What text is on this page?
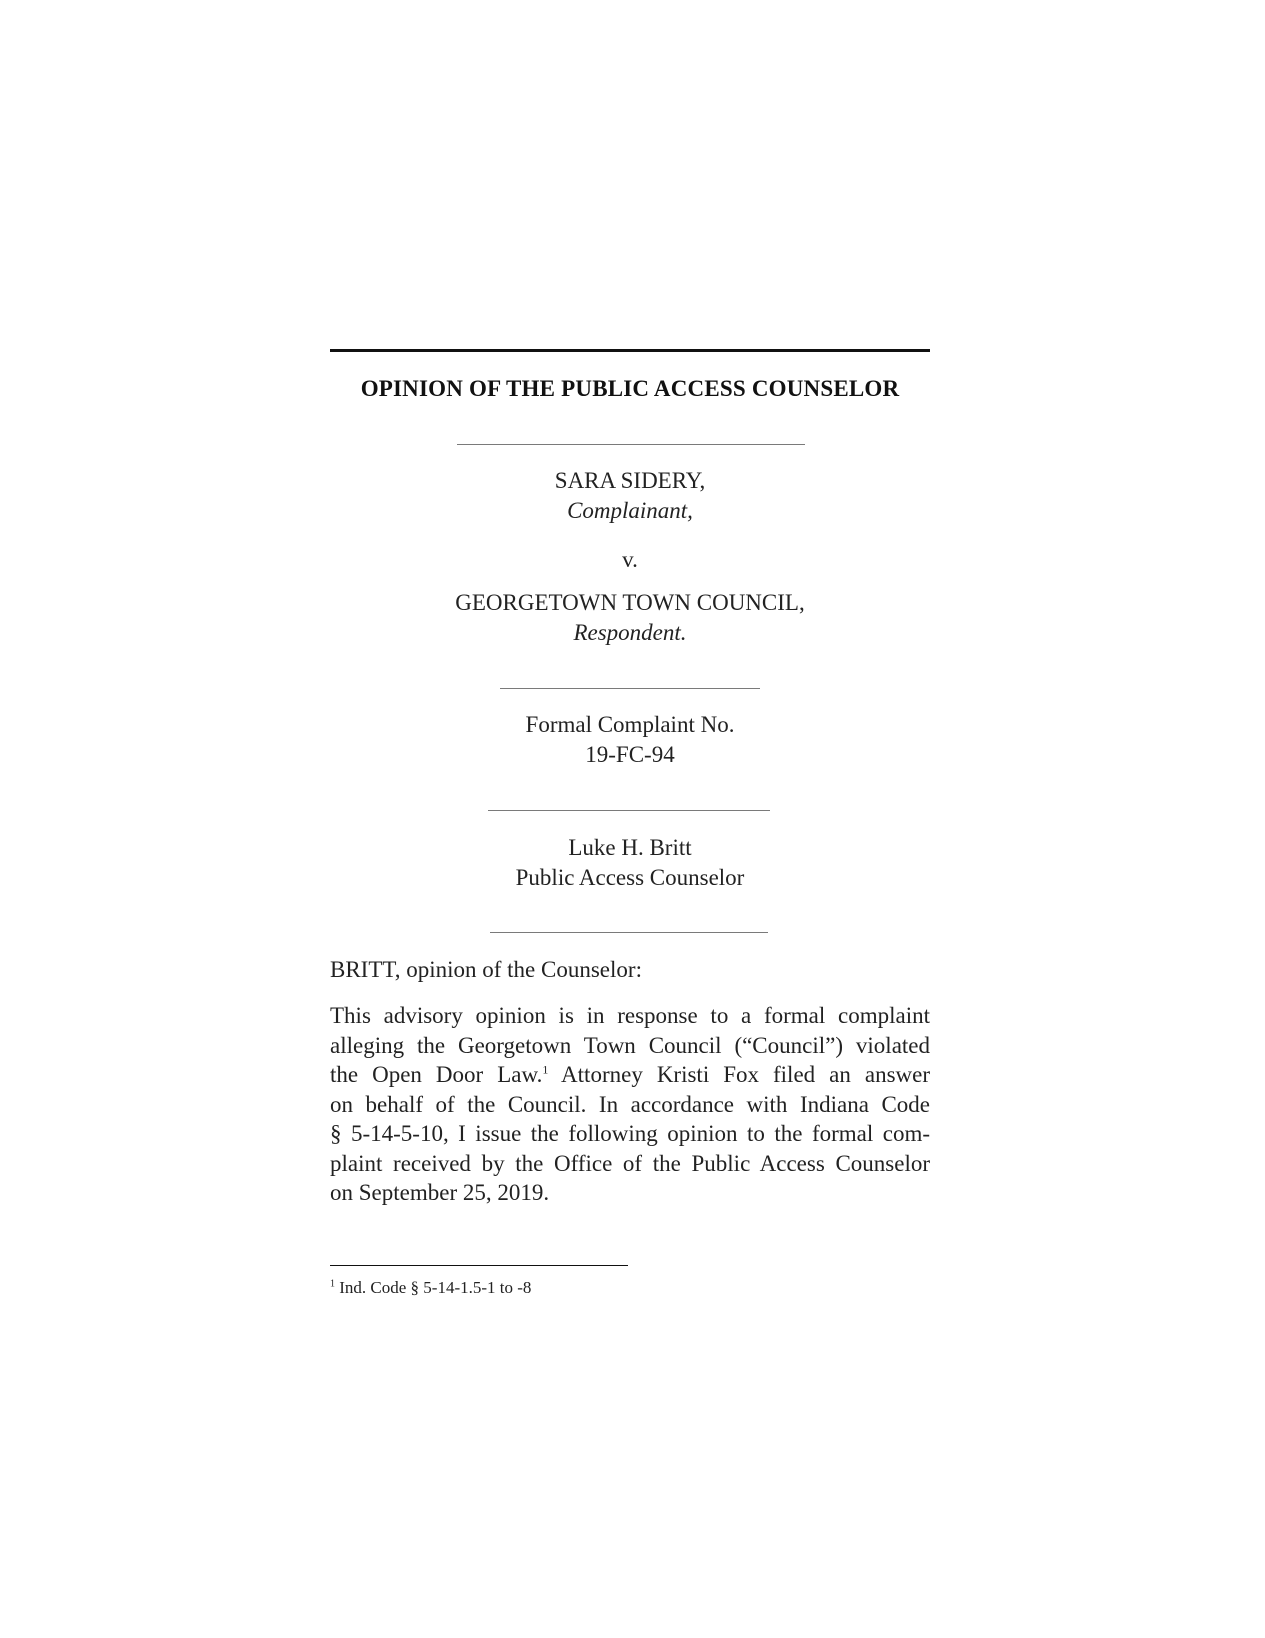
OPINION OF THE PUBLIC ACCESS COUNSELOR
SARA SIDERY,
Complainant,
v.
GEORGETOWN TOWN COUNCIL,
Respondent.
Formal Complaint No.
19-FC-94
Luke H. Britt
Public Access Counselor
BRITT, opinion of the Counselor:
This advisory opinion is in response to a formal complaint
alleging the Georgetown Town Council (“Council”) violated
the Open Door Law.$^1$ Attorney Kristi Fox filed an answer
on behalf of the Council. In accordance with Indiana Code
§ 5-14-5-10, I issue the following opinion to the formal com-
plaint received by the Office of the Public Access Counselor
on September 25, 2019.
$^1$ Ind. Code § 5-14-1.5-1 to -8
